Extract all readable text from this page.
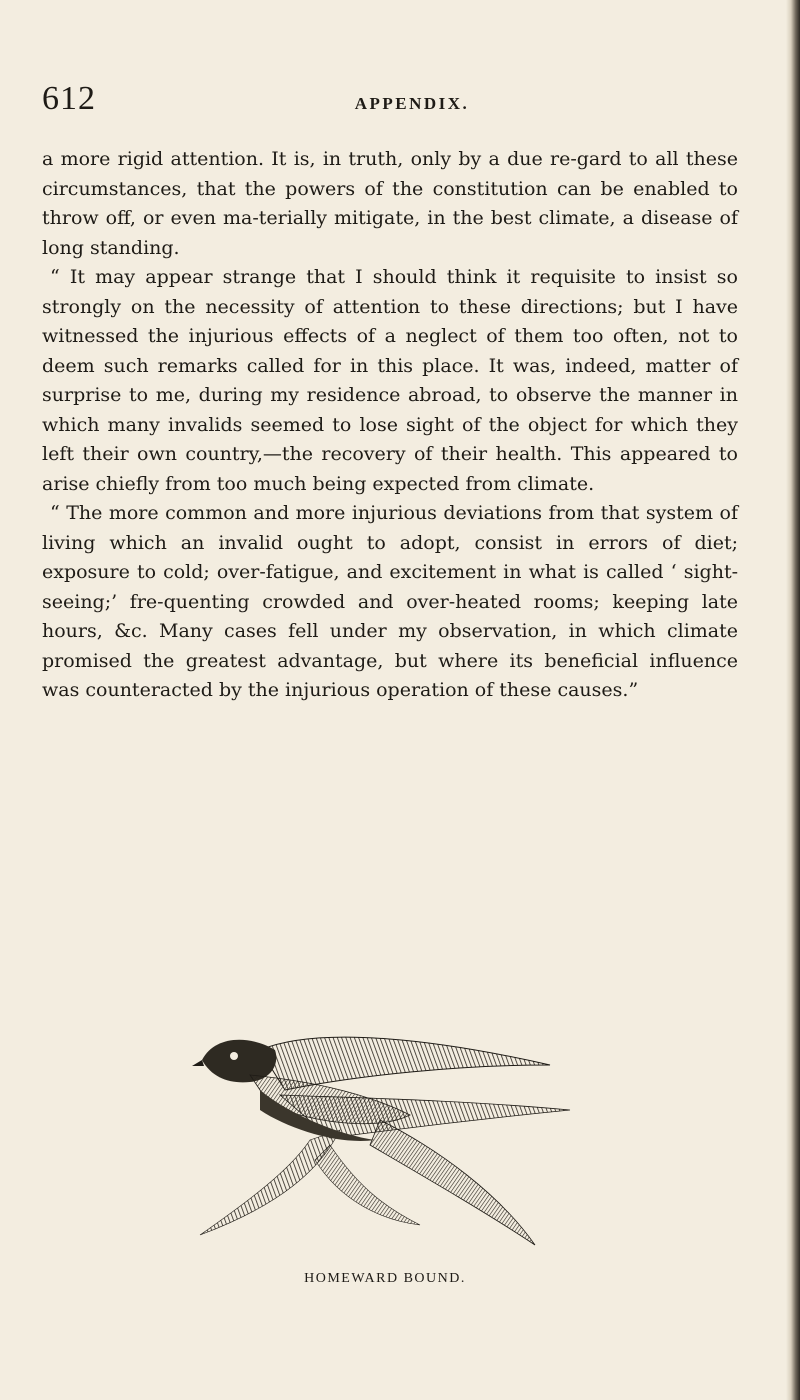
612	APPENDIX.

a more rigid attention. It is, in truth, only by a due re-gard to all these circumstances, that the powers of the constitution can be enabled to throw off, or even ma-terially mitigate, in the best climate, a disease of long standing.

“ It may appear strange that I should think it requisite to insist so strongly on the necessity of attention to these directions; but I have witnessed the injurious effects of a neglect of them too often, not to deem such remarks called for in this place. It was, indeed, matter of surprise to me, during my residence abroad, to observe the manner in which many invalids seemed to lose sight of the object for which they left their own country,—the recovery of their health. This appeared to arise chiefly from too much being expected from climate.

“ The more common and more injurious deviations from that system of living which an invalid ought to adopt, consist in errors of diet; exposure to cold; over-fatigue, and excitement in what is called ‘ sight-seeing;’ fre-quenting crowded and over-heated rooms; keeping late hours, &c. Many cases fell under my observation, in which climate promised the greatest advantage, but where its beneficial influence was counteracted by the injurious operation of these causes.”

HOMEWARD BOUND.
